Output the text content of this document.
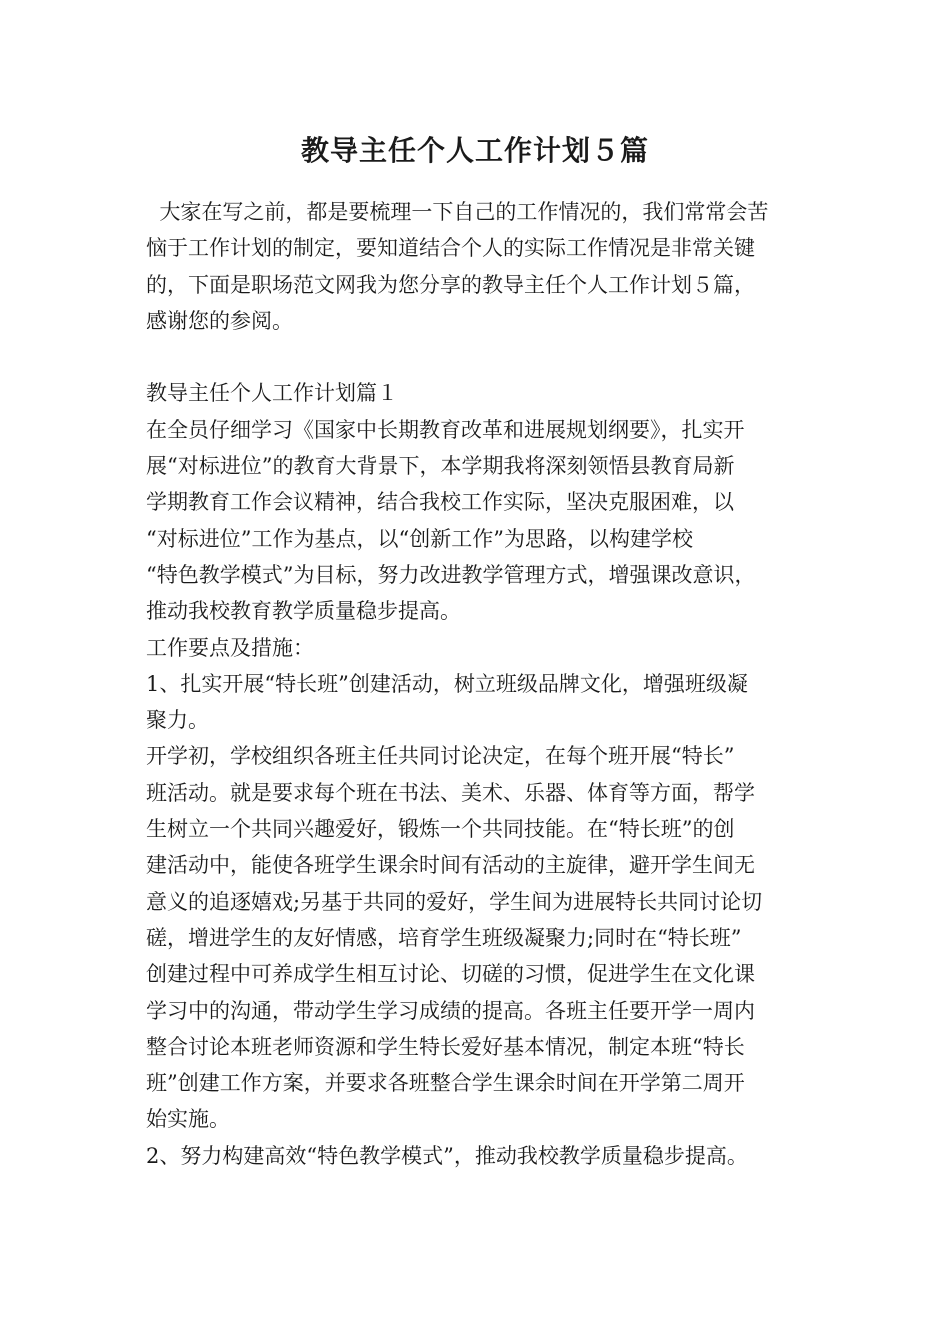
教导主任个人工作计划５篇
大家在写之前，都是要梳理一下自己的工作情况的，我们常常会苦
恼于工作计划的制定，要知道结合个人的实际工作情况是非常关键
的，下面是职场范文网我为您分享的教导主任个人工作计划５篇，
感谢您的参阅。
教导主任个人工作计划篇１
在全员仔细学习《国家中长期教育改革和进展规划纲要》，扎实开
展“对标进位”的教育大背景下，本学期我将深刻领悟县教育局新
学期教育工作会议精神，结合我校工作实际，坚决克服困难，以
“对标进位”工作为基点，以“创新工作”为思路，以构建学校
“特色教学模式”为目标，努力改进教学管理方式，增强课改意识，
推动我校教育教学质量稳步提高。
工作要点及措施：
1、扎实开展“特长班”创建活动，树立班级品牌文化，增强班级凝
聚力。
开学初，学校组织各班主任共同讨论决定，在每个班开展“特长”
班活动。就是要求每个班在书法、美术、乐器、体育等方面，帮学
生树立一个共同兴趣爱好，锻炼一个共同技能。在“特长班”的创
建活动中，能使各班学生课余时间有活动的主旋律，避开学生间无
意义的追逐嬉戏;另基于共同的爱好，学生间为进展特长共同讨论切
磋，增进学生的友好情感，培育学生班级凝聚力;同时在“特长班”
创建过程中可养成学生相互讨论、切磋的习惯，促进学生在文化课
学习中的沟通，带动学生学习成绩的提高。各班主任要开学一周内
整合讨论本班老师资源和学生特长爱好基本情况，制定本班“特长
班”创建工作方案，并要求各班整合学生课余时间在开学第二周开
始实施。
2、努力构建高效“特色教学模式”，推动我校教学质量稳步提高。
